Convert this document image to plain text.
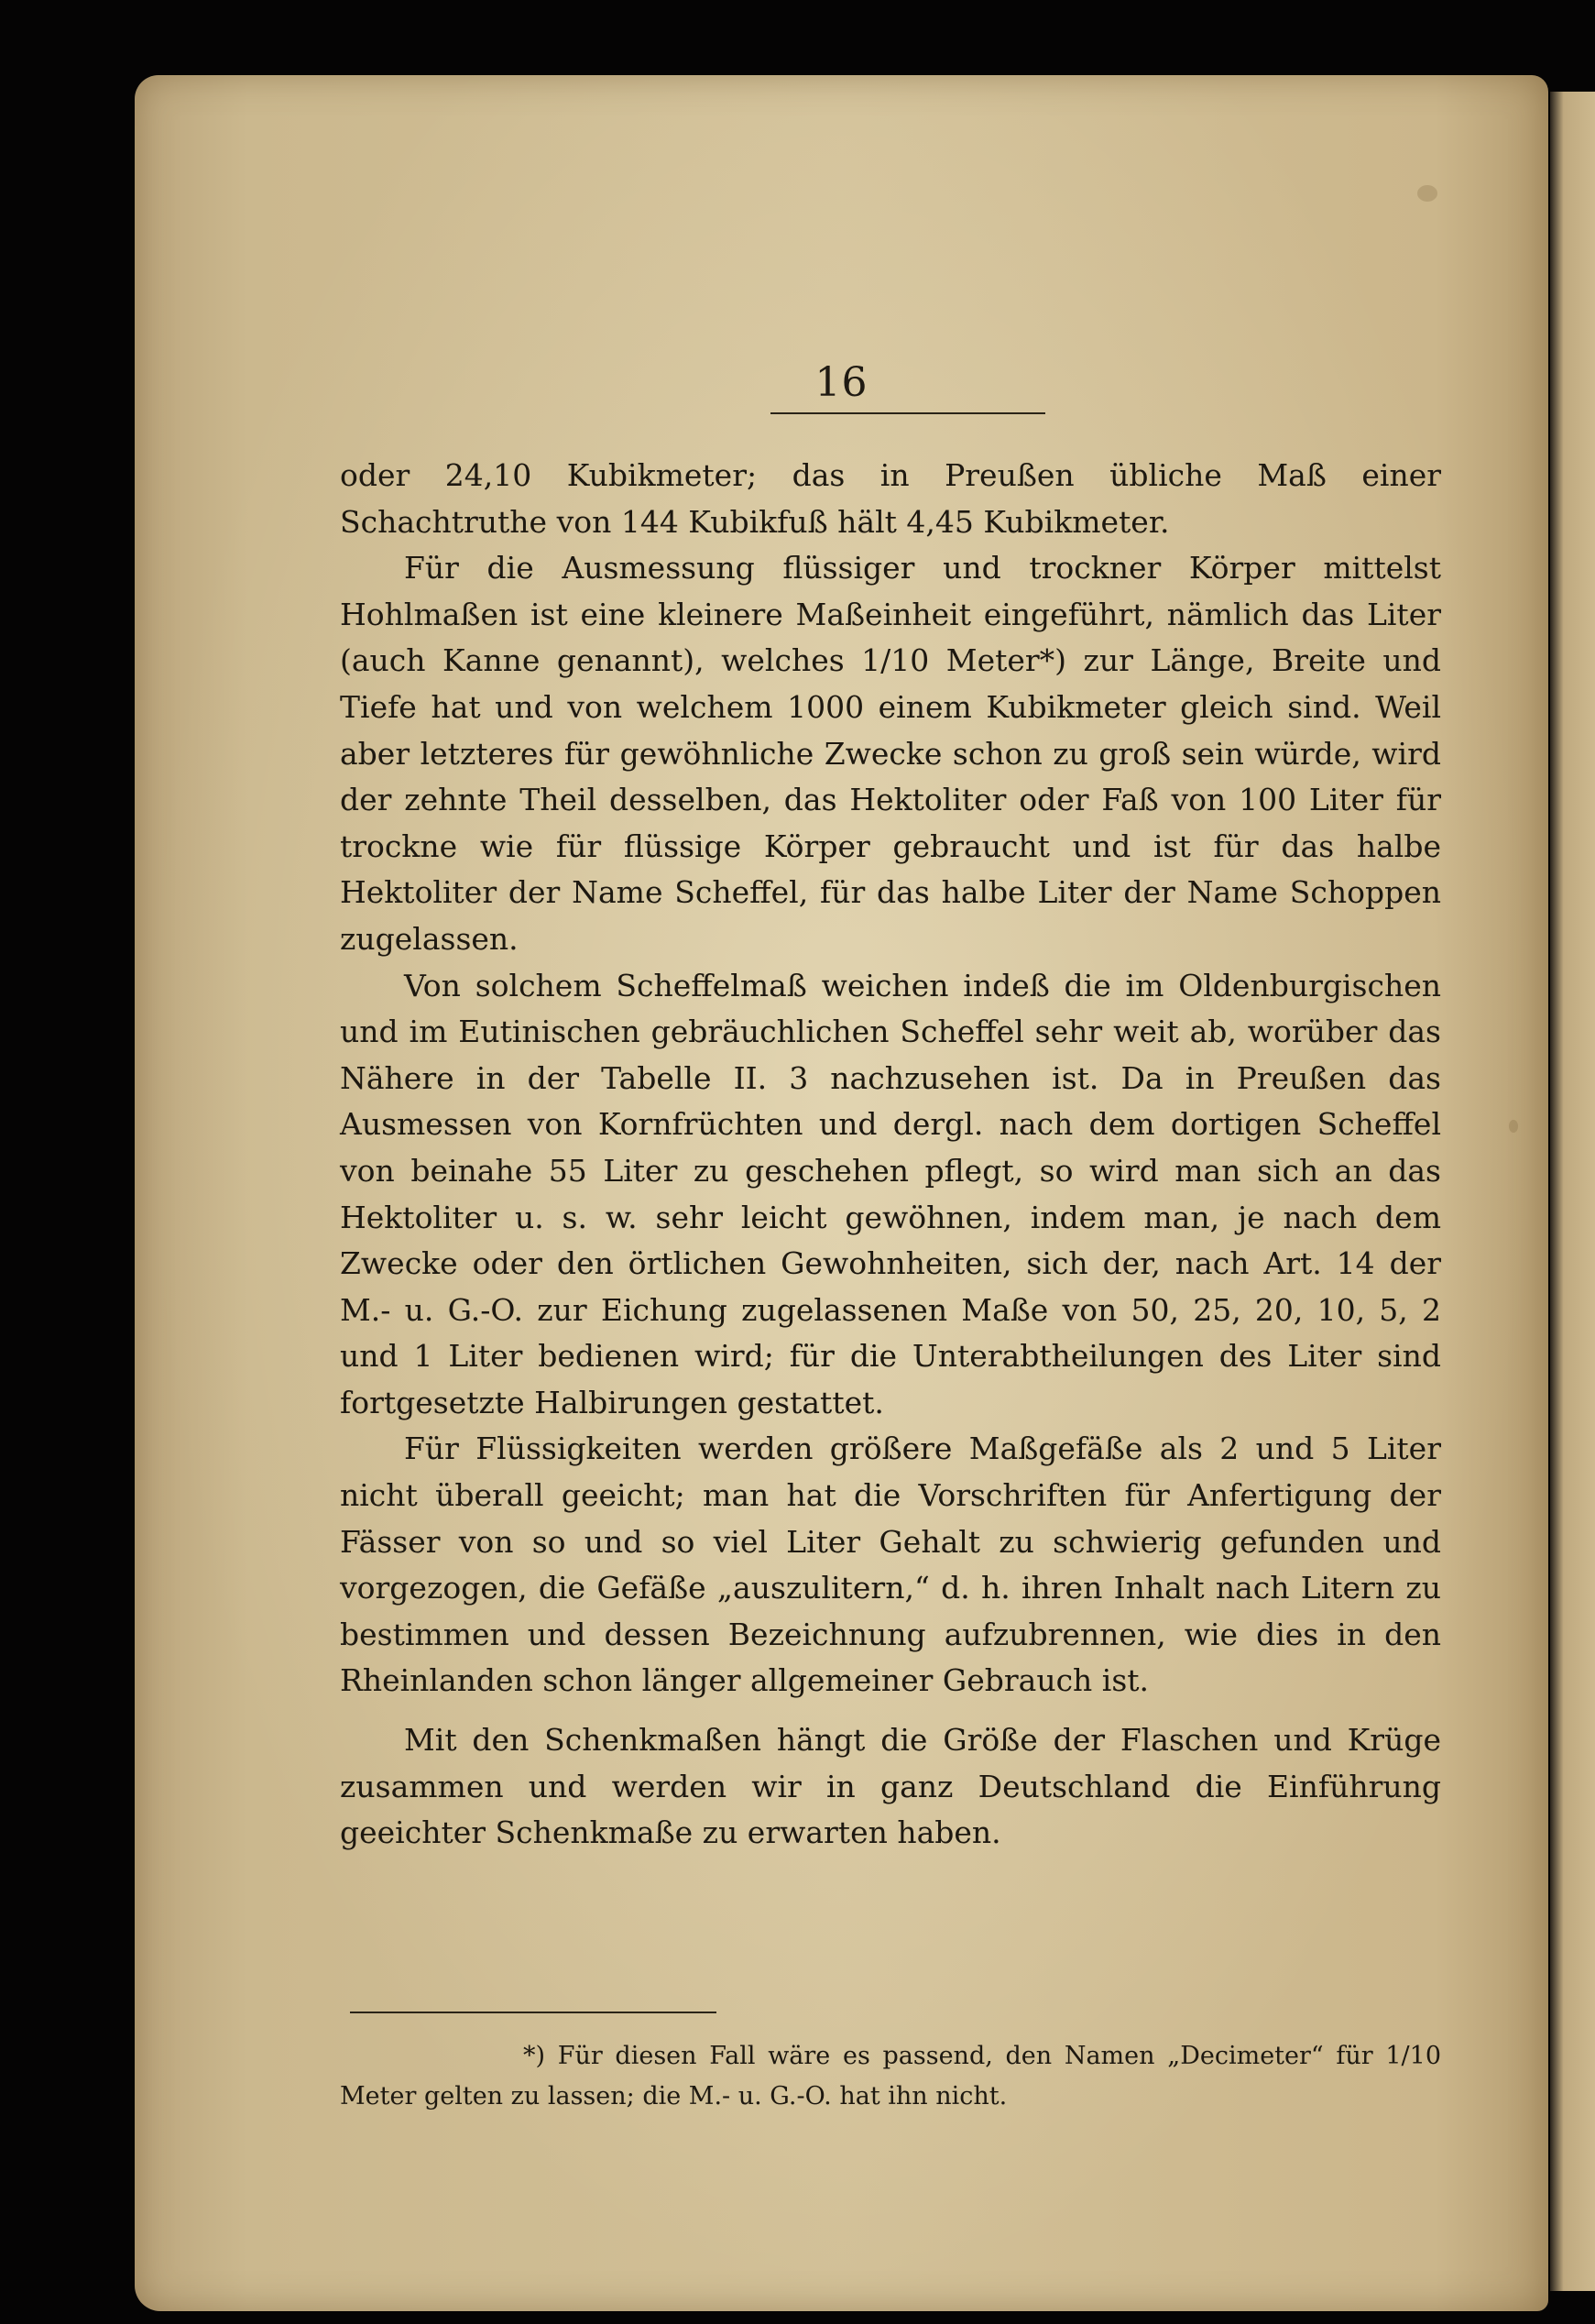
16

oder 24,10 Kubikmeter; das in Preußen übliche Maß einer Schachtruthe von 144 Kubikfuß hält 4,45 Kubikmeter.

Für die Ausmessung flüssiger und trockner Körper mittelst Hohlmaßen ist eine kleinere Maßeinheit eingeführt, nämlich das Liter (auch Kanne genannt), welches 1/10 Meter*) zur Länge, Breite und Tiefe hat und von welchem 1000 einem Kubikmeter gleich sind. Weil aber letzteres für gewöhnliche Zwecke schon zu groß sein würde, wird der zehnte Theil desselben, das Hektoliter oder Faß von 100 Liter für trockne wie für flüssige Körper gebraucht und ist für das halbe Hektoliter der Name Scheffel, für das halbe Liter der Name Schoppen zugelassen.

Von solchem Scheffelmaß weichen indeß die im Oldenburgischen und im Eutinischen gebräuchlichen Scheffel sehr weit ab, worüber das Nähere in der Tabelle II. 3 nachzusehen ist. Da in Preußen das Ausmessen von Kornfrüchten und dergl. nach dem dortigen Scheffel von beinahe 55 Liter zu geschehen pflegt, so wird man sich an das Hektoliter u. s. w. sehr leicht gewöhnen, indem man, je nach dem Zwecke oder den örtlichen Gewohnheiten, sich der, nach Art. 14 der M.- u. G.-O. zur Eichung zugelassenen Maße von 50, 25, 20, 10, 5, 2 und 1 Liter bedienen wird; für die Unterabtheilungen des Liter sind fortgesetzte Halbirungen gestattet.

Für Flüssigkeiten werden größere Maßgefäße als 2 und 5 Liter nicht überall geeicht; man hat die Vorschriften für Anfertigung der Fässer von so und so viel Liter Gehalt zu schwierig gefunden und vorgezogen, die Gefäße „auszulitern,“ d. h. ihren Inhalt nach Litern zu bestimmen und dessen Bezeichnung aufzubrennen, wie dies in den Rheinlanden schon länger allgemeiner Gebrauch ist.

Mit den Schenkmaßen hängt die Größe der Flaschen und Krüge zusammen und werden wir in ganz Deutschland die Einführung geeichter Schenkmaße zu erwarten haben.

*) Für diesen Fall wäre es passend, den Namen „Decimeter“ für 1/10 Meter gelten zu lassen; die M.- u. G.-O. hat ihn nicht.
